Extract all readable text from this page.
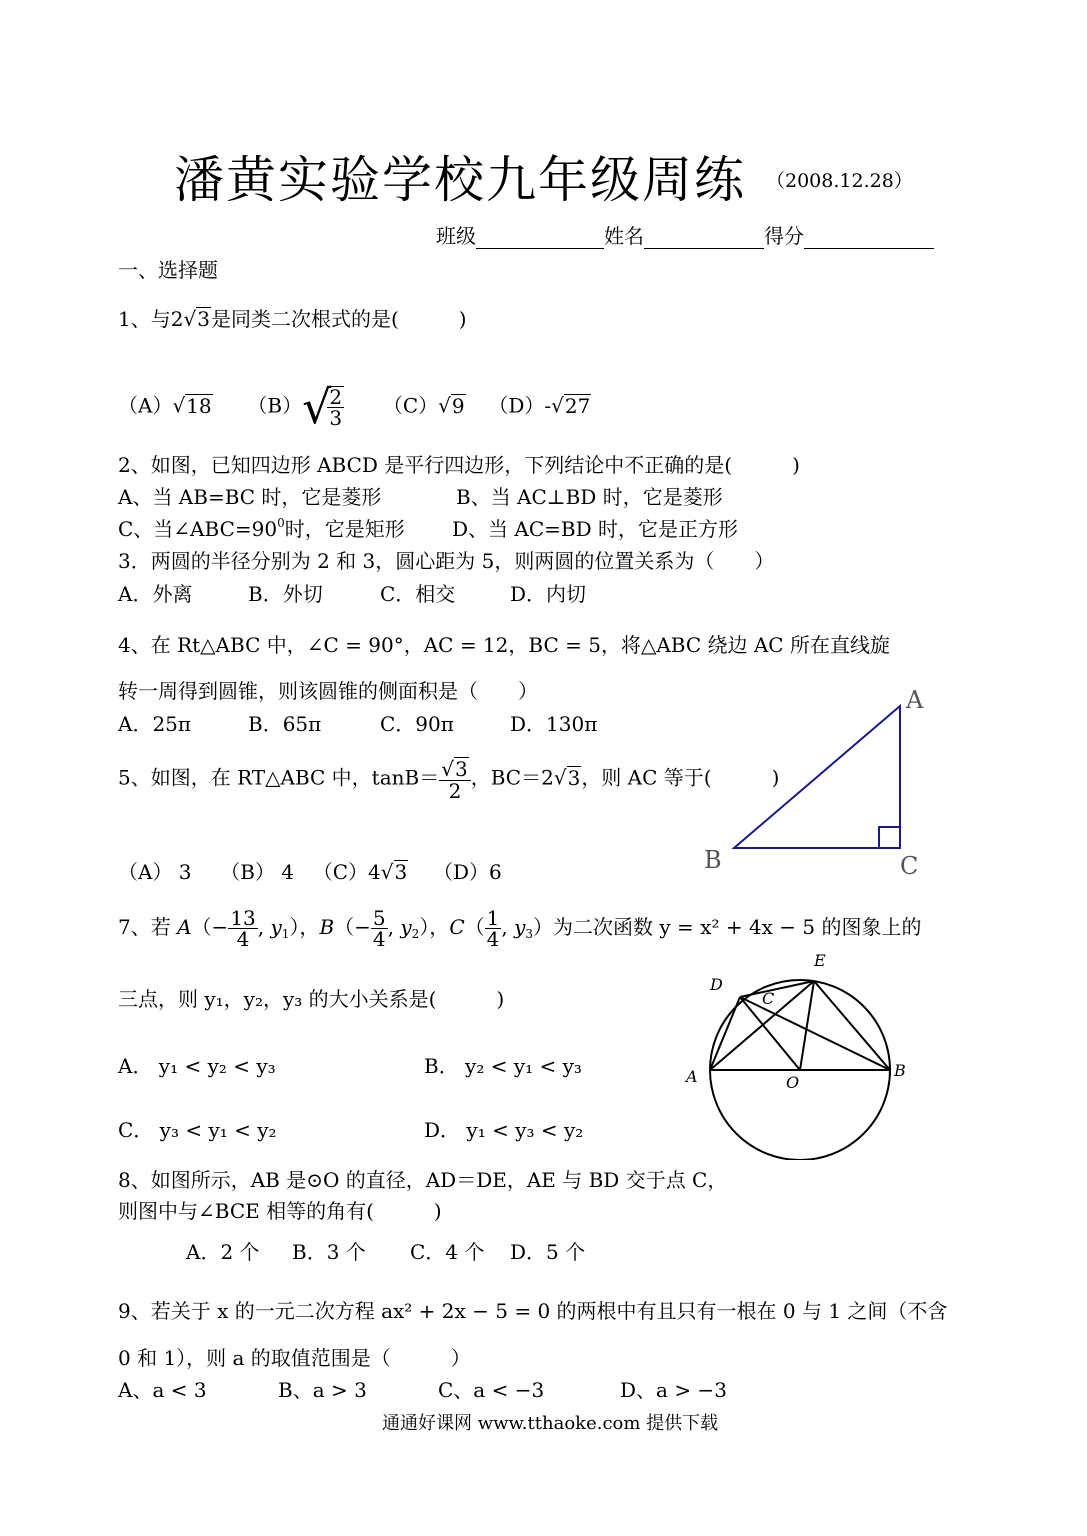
潘黄实验学校九年级周练 （2008.12.28）
班级	姓名	得分
一、选择题
1、与2√3是同类二次根式的是(　　　)
（A）√18 （B）√
$\frac{2}{3} (C)√9$ （D）-√27
2、如图，已知四边形 ABCD 是平行四边形，下列结论中不正确的是(　　　)
A、当 AB=BC 时，它是菱形	B、当 AC⊥BD 时，它是菱形
C、当$\angle ABC=90^0$时，它是矩形 D、当 AC=BD 时，它是正方形
3．两圆的半径分别为 2 和 3，圆心距为 5，则两圆的位置关系为（　　）
A．外离	B．外切	C．相交	D．内切
4、在 Rt△ABC 中，∠C = 90°，AC = 12，BC = 5，将△ABC 绕边 AC 所在直线旋
转一周得到圆锥，则该圆锥的侧面积是（　　）
A．25π	B．65π	C．90π	D．130π
5、如图，在 RT△ABC 中，$\tan B= \frac{√3}{2}$ ，BC＝2√3，则 AC 等于(　　　)
（A） 3 （B） 4 （C）4√3 （D）6
A
B	C
7、若 $A(- \frac{13}{4}$ , $y_1$），$B(- \frac{5}{4}$ , $y_2$），$C( \frac{1}{4}$ , $y_3$）为二次函数 y = x² + 4x − 5 的图象上的
三点，则 y₁，y₂，y₃ 的大小关系是(　　　)
A． y₁ < y₂ < y₃	B． y₂ < y₁ < y₃
C． y₃ < y₁ < y₂	D． y₁ < y₃ < y₂
D
E
C
A	B
O
8、如图所示，AB 是⊙O 的直径，AD＝DE，AE 与 BD 交于点 C，
则图中与∠BCE 相等的角有(　　　)
A．2 个 B．3 个 C．4 个 D．5 个
9、若关于 x 的一元二次方程 ax² + 2x − 5 = 0 的两根中有且只有一根在 0 与 1 之间（不含
0 和 1），则 a 的取值范围是（　　　）
A、a < 3	B、a > 3	C、a < −3	D、a > −3
通通好课网 www.tthaoke.com 提供下载
